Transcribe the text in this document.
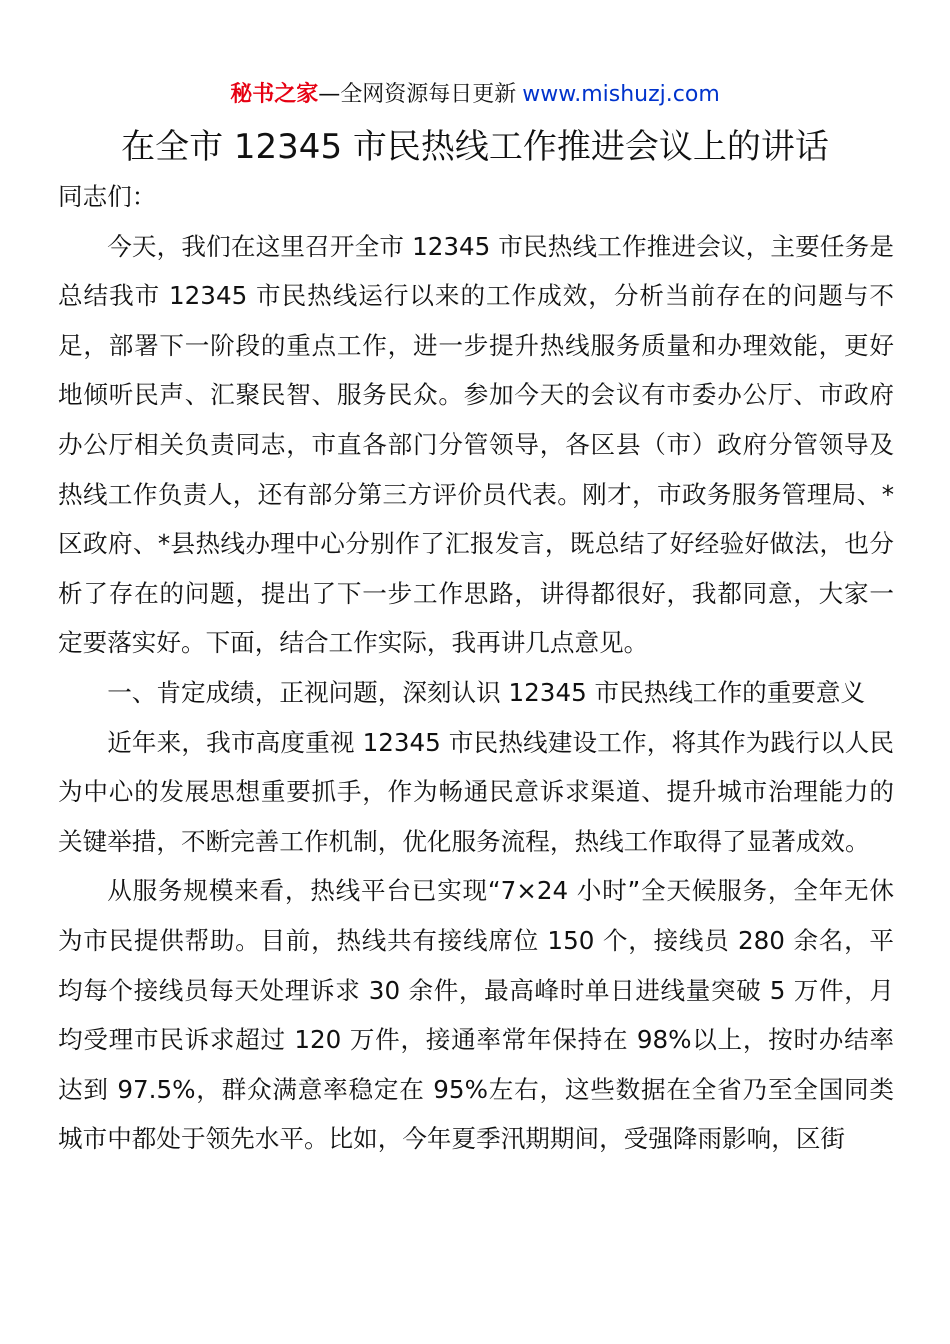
秘书之家—全网资源每日更新 www.mishuzj.com
在全市 12345 市民热线工作推进会议上的讲话

同志们：

今天，我们在这里召开全市 12345 市民热线工作推进会议，主要任务是总结我市 12345 市民热线运行以来的工作成效，分析当前存在的问题与不足，部署下一阶段的重点工作，进一步提升热线服务质量和办理效能，更好地倾听民声、汇聚民智、服务民众。参加今天的会议有市委办公厅、市政府办公厅相关负责同志，市直各部门分管领导，各区县（市）政府分管领导及热线工作负责人，还有部分第三方评价员代表。刚才，市政务服务管理局、*区政府、*县热线办理中心分别作了汇报发言，既总结了好经验好做法，也分析了存在的问题，提出了下一步工作思路，讲得都很好，我都同意，大家一定要落实好。下面，结合工作实际，我再讲几点意见。

一、肯定成绩，正视问题，深刻认识 12345 市民热线工作的重要意义

近年来，我市高度重视 12345 市民热线建设工作，将其作为践行以人民为中心的发展思想重要抓手，作为畅通民意诉求渠道、提升城市治理能力的关键举措，不断完善工作机制，优化服务流程，热线工作取得了显著成效。

从服务规模来看，热线平台已实现“7×24 小时”全天候服务，全年无休为市民提供帮助。目前，热线共有接线席位 150 个，接线员 280 余名，平均每个接线员每天处理诉求 30 余件，最高峰时单日进线量突破 5 万件，月均受理市民诉求超过 120 万件，接通率常年保持在 98%以上，按时办结率达到 97.5%，群众满意率稳定在 95%左右，这些数据在全省乃至全国同类城市中都处于领先水平。比如，今年夏季汛期期间，受强降雨影响，区街
